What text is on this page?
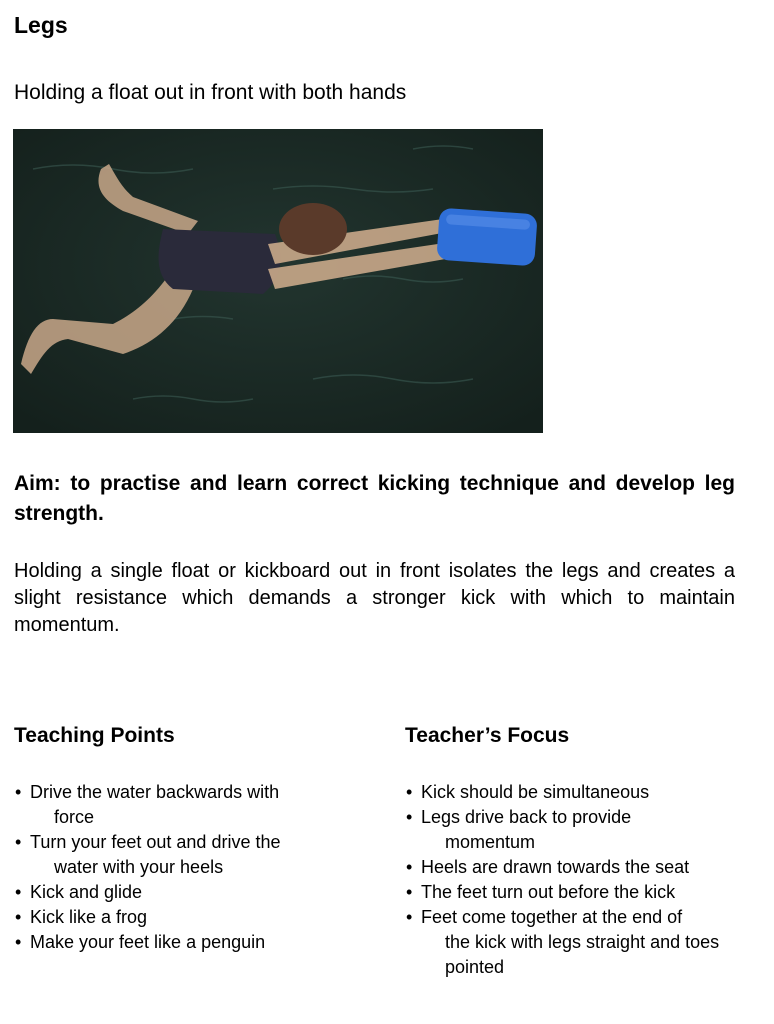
Legs

Holding a float out in front with both hands

Aim: to practise and learn correct kicking technique and develop leg strength.

Holding a single float or kickboard out in front isolates the legs and creates a slight resistance which demands a stronger kick with which to maintain momentum.

Teaching Points
• Drive the water backwards with
force
• Turn your feet out and drive the
water with your heels
• Kick and glide
• Kick like a frog
• Make your feet like a penguin
Teacher’s Focus
• Kick should be simultaneous
• Legs drive back to provide
momentum
• Heels are drawn towards the seat
• The feet turn out before the kick
• Feet come together at the end of
the kick with legs straight and toes pointed
